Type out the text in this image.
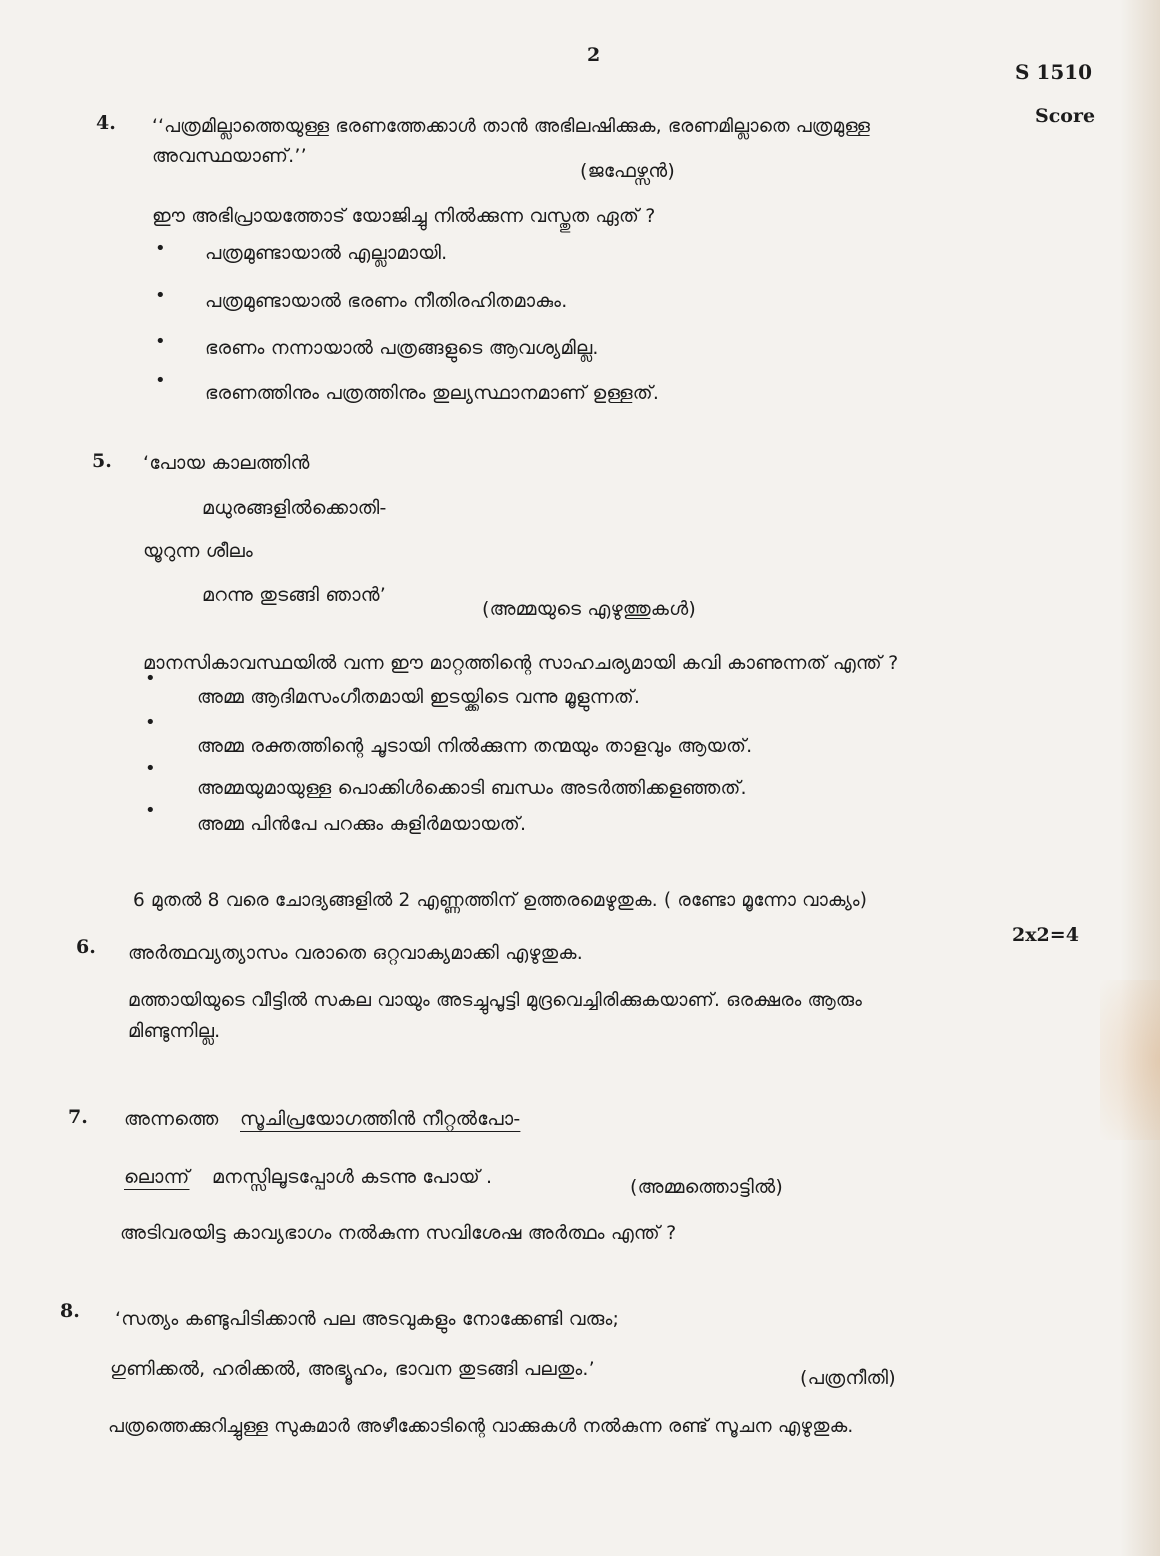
2
S 1510
Score
4. ‘‘പത്രമില്ലാത്തെയുള്ള ഭരണത്തേക്കാൾ താൻ അഭിലഷിക്കുക, ഭരണമില്ലാതെ പത്രമുള്ള
അവസ്ഥയാണ്.’’
(ജഫേഴ്സൻ)
ഈ അഭിപ്രായത്തോട് യോജിച്ചു നിൽക്കുന്ന വസ്തുത ഏത് ?
• പത്രമുണ്ടായാൽ എല്ലാമായി.
• പത്രമുണ്ടായാൽ ഭരണം നീതിരഹിതമാകും.
• ഭരണം നന്നായാൽ പത്രങ്ങളുടെ ആവശ്യമില്ല.
•
ഭരണത്തിനും പത്രത്തിനും തുല്യസ്ഥാനമാണ് ഉള്ളത്.
5. ‘പോയ കാലത്തിൻ
മധുരങ്ങളിൽക്കൊതി-
യൂറുന്ന ശീലം
മറന്നു തുടങ്ങി ഞാൻ’
(അമ്മയുടെ എഴുത്തുകൾ)
മാനസികാവസ്ഥയിൽ വന്ന ഈ മാറ്റത്തിന്റെ സാഹചര്യമായി കവി കാണുന്നത് എന്ത് ?
•
അമ്മ ആദിമസംഗീതമായി ഇടയ്ക്കിടെ വന്നു മൂളുന്നത്.
•
അമ്മ രക്തത്തിന്റെ ചൂടായി നിൽക്കുന്ന തന്മയും താളവും ആയത്.
•
അമ്മയുമായുള്ള പൊക്കിൾക്കൊടി ബന്ധം അടർത്തിക്കളഞ്ഞത്.
•
അമ്മ പിൻപേ പറക്കും കുളിർമയായത്.
6 മുതൽ 8 വരെ ചോദ്യങ്ങളിൽ 2 എണ്ണത്തിന് ഉത്തരമെഴുതുക. ( രണ്ടോ മൂന്നോ വാക്യം)
2x2=4
6. അർത്ഥവ്യത്യാസം വരാതെ ഒറ്റവാക്യമാക്കി എഴുതുക.
മത്തായിയുടെ വീട്ടിൽ സകല വായും അടച്ചുപൂട്ടി മുദ്രവെച്ചിരിക്കുകയാണ്. ഒരക്ഷരം ആരും
മിണ്ടുന്നില്ല.
7. അന്നത്തെ സൂചിപ്രയോഗത്തിൻ നീറ്റൽപോ-
ലൊന്ന് മനസ്സിലൂടപ്പോൾ കടന്നു പോയ് .	(അമ്മത്തൊട്ടിൽ)
അടിവരയിട്ട കാവ്യഭാഗം നൽകുന്ന സവിശേഷ അർത്ഥം എന്ത് ?
8. ‘സത്യം കണ്ടുപിടിക്കാൻ പല അടവുകളും നോക്കേണ്ടി വരും;
ഗുണിക്കൽ, ഹരിക്കൽ, അഭ്യൂഹം, ഭാവന തുടങ്ങി പലതും.’	(പത്രനീതി)
പത്രത്തെക്കുറിച്ചുള്ള സുകുമാർ അഴീക്കോടിന്റെ വാക്കുകൾ നൽകുന്ന രണ്ട് സൂചന എഴുതുക.
